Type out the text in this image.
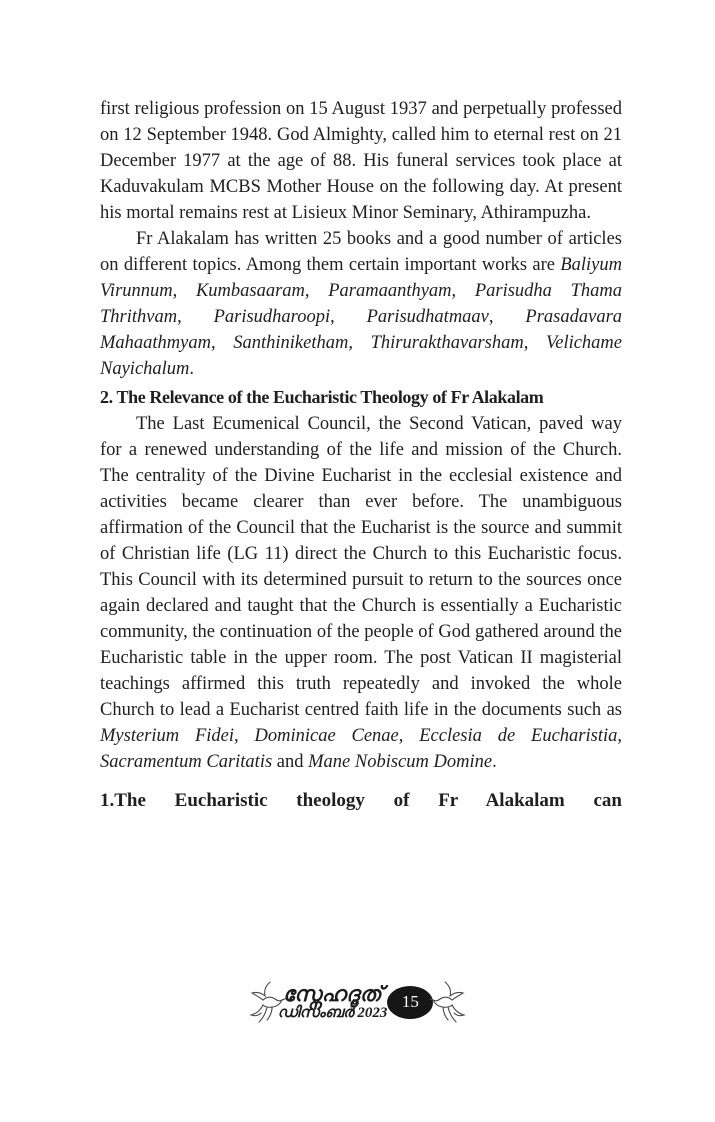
first religious profession on 15 August 1937 and perpetually professed on 12 September 1948. God Almighty, called him to eternal rest on 21 December 1977 at the age of 88. His funeral services took place at Kaduvakulam MCBS Mother House on the following day. At present his mortal remains rest at Lisieux Minor Seminary, Athirampuzha.

Fr Alakalam has written 25 books and a good number of articles on different topics. Among them certain important works are Baliyum Virunnum, Kumbasaaram, Paramaanthyam, Parisudha Thama Thrithvam, Parisudharoopi, Parisudhatmaav, Prasadavara Mahaathmyam, Santhiniketham, Thirurakthavarsham, Velichame Nayichalum.

2. The Relevance of the Eucharistic Theology of Fr Alakalam

The Last Ecumenical Council, the Second Vatican, paved way for a renewed understanding of the life and mission of the Church. The centrality of the Divine Eucharist in the ecclesial existence and activities became clearer than ever before. The unambiguous affirmation of the Council that the Eucharist is the source and summit of Christian life (LG 11) direct the Church to this Eucharistic focus. This Council with its determined pursuit to return to the sources once again declared and taught that the Church is essentially a Eucharistic community, the continuation of the people of God gathered around the Eucharistic table in the upper room. The post Vatican II magisterial teachings affirmed this truth repeatedly and invoked the whole Church to lead a Eucharist centred faith life in the documents such as Mysterium Fidei, Dominicae Cenae, Ecclesia de Eucharistia, Sacramentum Caritatis and Mane Nobiscum Domine.

1.The Eucharistic theology of Fr Alakalam can
സ്നേഹദൂത്
ഡിസംബർ 2023
15
